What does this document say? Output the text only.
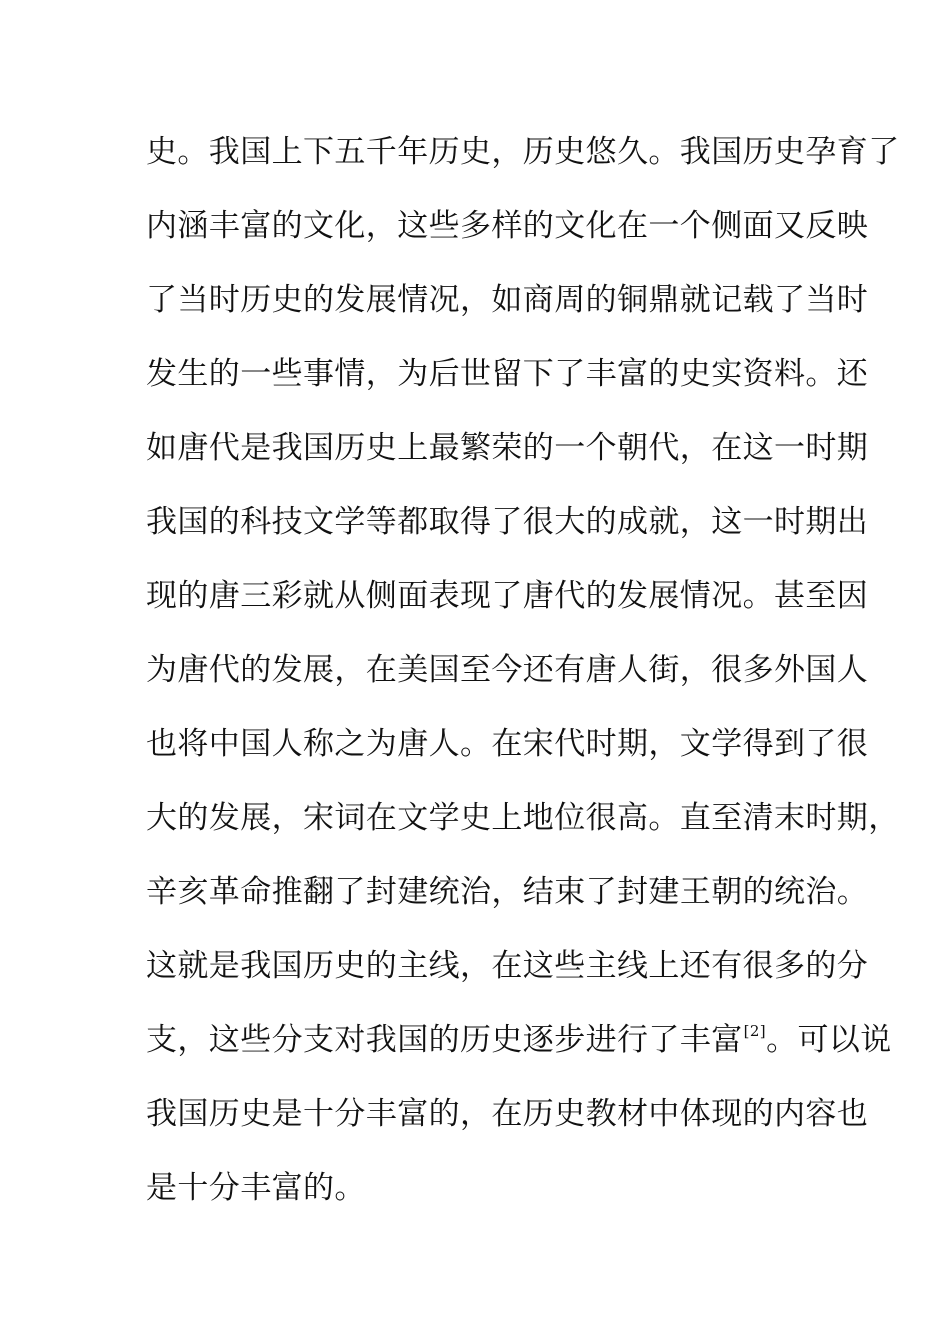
史。我国上下五千年历史，历史悠久。我国历史孕育了
内涵丰富的文化，这些多样的文化在一个侧面又反映
了当时历史的发展情况，如商周的铜鼎就记载了当时
发生的一些事情，为后世留下了丰富的史实资料。还
如唐代是我国历史上最繁荣的一个朝代，在这一时期
我国的科技文学等都取得了很大的成就，这一时期出
现的唐三彩就从侧面表现了唐代的发展情况。甚至因
为唐代的发展，在美国至今还有唐人街，很多外国人
也将中国人称之为唐人。在宋代时期，文学得到了很
大的发展，宋词在文学史上地位很高。直至清末时期，
辛亥革命推翻了封建统治，结束了封建王朝的统治。
这就是我国历史的主线，在这些主线上还有很多的分
支，这些分支对我国的历史逐步进行了丰富[2]。可以说
我国历史是十分丰富的，在历史教材中体现的内容也
是十分丰富的。
